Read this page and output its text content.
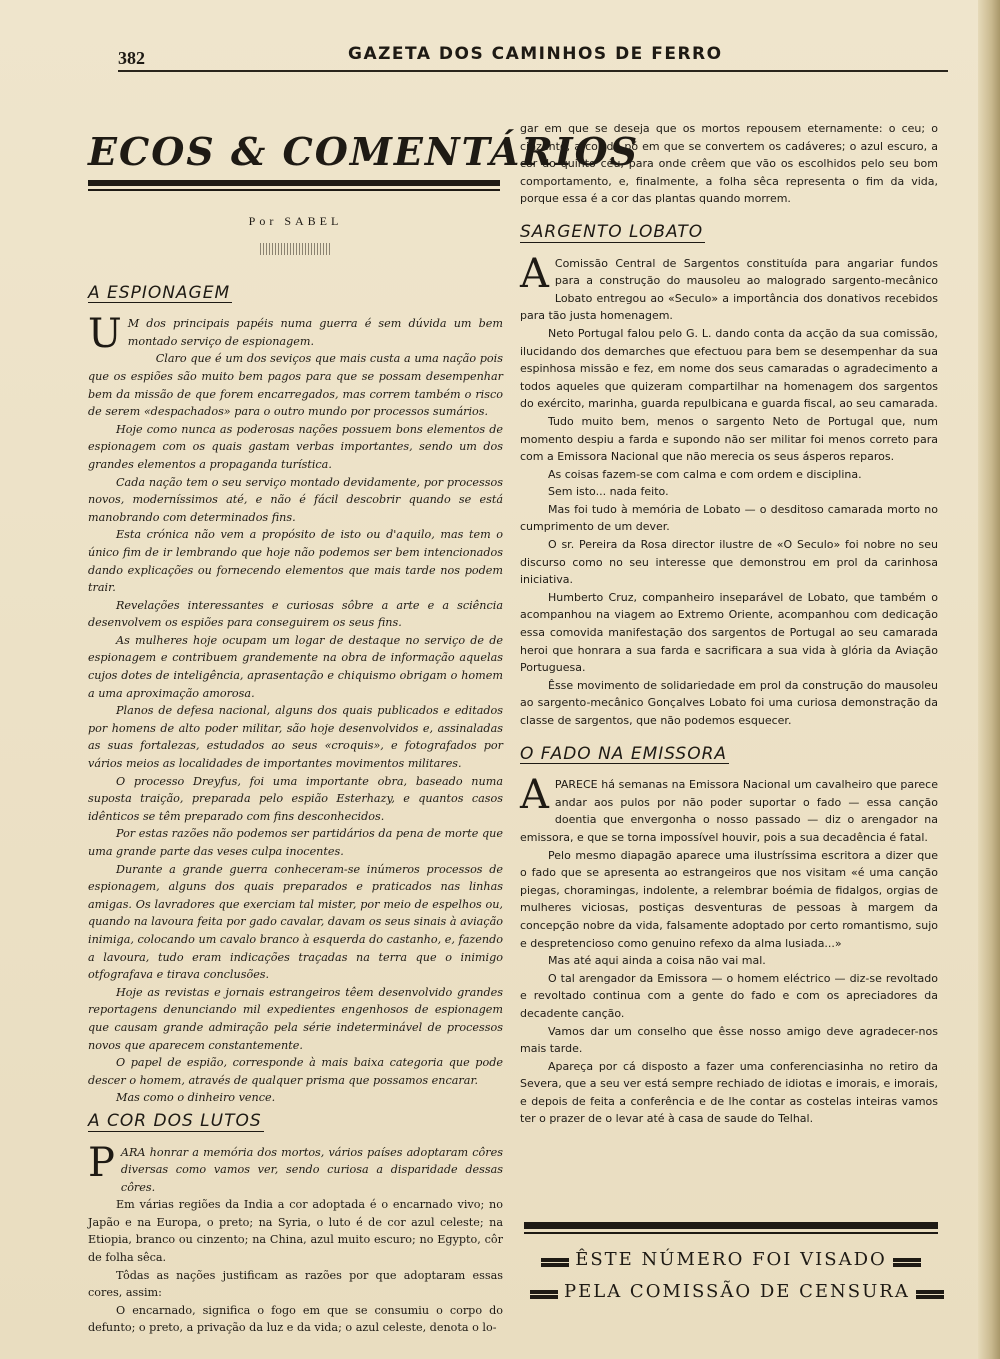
382	GAZETA DOS CAMINHOS DE FERRO
ECOS & COMENTÁRIOS
Por SABEL
A ESPIONAGEM

U M dos principais papéis numa guerra é sem dúvida um bem montado serviço de espionagem.

Claro que é um dos seviços que mais custa a uma nação pois que os espiões são muito bem pagos para que se possam desempenhar bem da missão de que forem encarregados, mas correm também o risco de serem «despachados» para o outro mundo por processos sumários.

Hoje como nunca as poderosas nações possuem bons elementos de espionagem com os quais gastam verbas importantes, sendo um dos grandes elementos a propaganda turística.

Cada nação tem o seu serviço montado devidamente, por processos novos, moderníssimos até, e não é fácil descobrir quando se está manobrando com determinados fins.

Esta crónica não vem a propósito de isto ou d'aquilo, mas tem o único fim de ir lembrando que hoje não podemos ser bem intencionados dando explicações ou fornecendo elementos que mais tarde nos podem trair.

Revelações interessantes e curiosas sôbre a arte e a sciência desenvolvem os espiões para conseguirem os seus fins.

As mulheres hoje ocupam um logar de destaque no serviço de de espionagem e contribuem grandemente na obra de informação aquelas cujos dotes de inteligência, aprasentação e chiquismo obrigam o homem a uma aproximação amorosa.

Planos de defesa nacional, alguns dos quais publicados e editados por homens de alto poder militar, são hoje desenvolvidos e, assinaladas as suas fortalezas, estudados ao seus «croquis», e fotografados por vários meios as localidades de importantes movimentos militares.

O processo Dreyfus, foi uma importante obra, baseado numa suposta traição, preparada pelo espião Esterhazy, e quantos casos idênticos se têm preparado com fins desconhecidos.

Por estas razões não podemos ser partidários da pena de morte que uma grande parte das veses culpa inocentes.

Durante a grande guerra conheceram-se inúmeros processos de espionagem, alguns dos quais preparados e praticados nas linhas amigas. Os lavradores que exerciam tal mister, por meio de espelhos ou, quando na lavoura feita por gado cavalar, davam os seus sinais à aviação inimiga, colocando um cavalo branco à esquerda do castanho, e, fazendo a lavoura, tudo eram indicações traçadas na terra que o inimigo otfografava e tirava conclusões.

Hoje as revistas e jornais estrangeiros têem desenvolvido grandes reportagens denunciando mil expedientes engenhosos de espionagem que causam grande admiração pela série indeterminável de processos novos que aparecem constantemente.

O papel de espião, corresponde à mais baixa categoria que pode descer o homem, através de qualquer prisma que possamos encarar.

Mas como o dinheiro vence.

A COR DOS LUTOS

PARA honrar a memória dos mortos, vários países adoptaram côres diversas como vamos ver, sendo curiosa a disparidade dessas côres.

Em várias regiões da India a cor adoptada é o encarnado vivo; no Japão e na Europa, o preto; na Syria, o luto é de cor azul celeste; na Etiopia, branco ou cinzento; na China, azul muito escuro; no Egypto, côr de folha sêca.

Tôdas as nações justificam as razões por que adoptaram essas cores, assim:

O encarnado, significa o fogo em que se consumiu o corpo do defunto; o preto, a privação da luz e da vida; o azul celeste, denota o lo-

gar em que se deseja que os mortos repousem eternamente: o ceu; o cinzento, a cor do pó em que se convertem os cadáveres; o azul escuro, a cor do quinto céu, para onde crêem que vão os escolhidos pelo seu bom comportamento, e, finalmente, a folha sêca representa o fim da vida, porque essa é a cor das plantas quando morrem.

SARGENTO LOBATO

A Comissão Central de Sargentos constituída para angariar fundos para a construção do mausoleu ao malogrado sargento-mecânico Lobato entregou ao «Seculo» a importância dos donativos recebidos para tão justa homenagem.

Neto Portugal falou pelo G. L. dando conta da acção da sua comissão, ilucidando dos demarches que efectuou para bem se desempenhar da sua espinhosa missão e fez, em nome dos seus camaradas o agradecimento a todos aqueles que quizeram compartilhar na homenagem dos sargentos do exército, marinha, guarda repulbicana e guarda fiscal, ao seu camarada.

Tudo muito bem, menos o sargento Neto de Portugal que, num momento despiu a farda e supondo não ser militar foi menos correto para com a Emissora Nacional que não merecia os seus ásperos reparos.

As coisas fazem-se com calma e com ordem e disciplina.

Sem isto... nada feito.

Mas foi tudo à memória de Lobato — o desditoso camarada morto no cumprimento de um dever.

O sr. Pereira da Rosa director ilustre de «O Seculo» foi nobre no seu discurso como no seu interesse que demonstrou em prol da carinhosa iniciativa.

Humberto Cruz, companheiro inseparável de Lobato, que também o acompanhou na viagem ao Extremo Oriente, acompanhou com dedicação essa comovida manifestação dos sargentos de Portugal ao seu camarada heroi que honrara a sua farda e sacrificara a sua vida à glória da Aviação Portuguesa.

Êsse movimento de solidariedade em prol da construção do mausoleu ao sargento-mecânico Gonçalves Lobato foi uma curiosa demonstração da classe de sargentos, que não podemos esquecer.

O FADO NA EMISSORA

APARECE há semanas na Emissora Nacional um cavalheiro que parece andar aos pulos por não poder suportar o fado — essa canção doentia que envergonha o nosso passado — diz o arengador na emissora, e que se torna impossível houvir, pois a sua decadência é fatal.

Pelo mesmo diapagão aparece uma ilustríssima escritora a dizer que o fado que se apresenta ao estrangeiros que nos visitam «é uma canção piegas, choramingas, indolente, a relembrar boémia de fidalgos, orgias de mulheres viciosas, postiças desventuras de pessoas à margem da concepção nobre da vida, falsamente adoptado por certo romantismo, sujo e despretencioso como genuino refexo da alma lusiada...»

Mas até aqui ainda a coisa não vai mal.

O tal arengador da Emissora — o homem eléctrico — diz-se revoltado e revoltado continua com a gente do fado e com os apreciadores da decadente canção.

Vamos dar um conselho que êsse nosso amigo deve agradecer-nos mais tarde.

Apareça por cá disposto a fazer uma conferenciasinha no retiro da Severa, que a seu ver está sempre rechiado de idiotas e imorais, e imorais, e depois de feita a conferência e de lhe contar as costelas inteiras vamos ter o prazer de o levar até à casa de saude do Telhal.

ÊSTE NÚMERO FOI VISADO
PELA COMISSÃO DE CENSURA
